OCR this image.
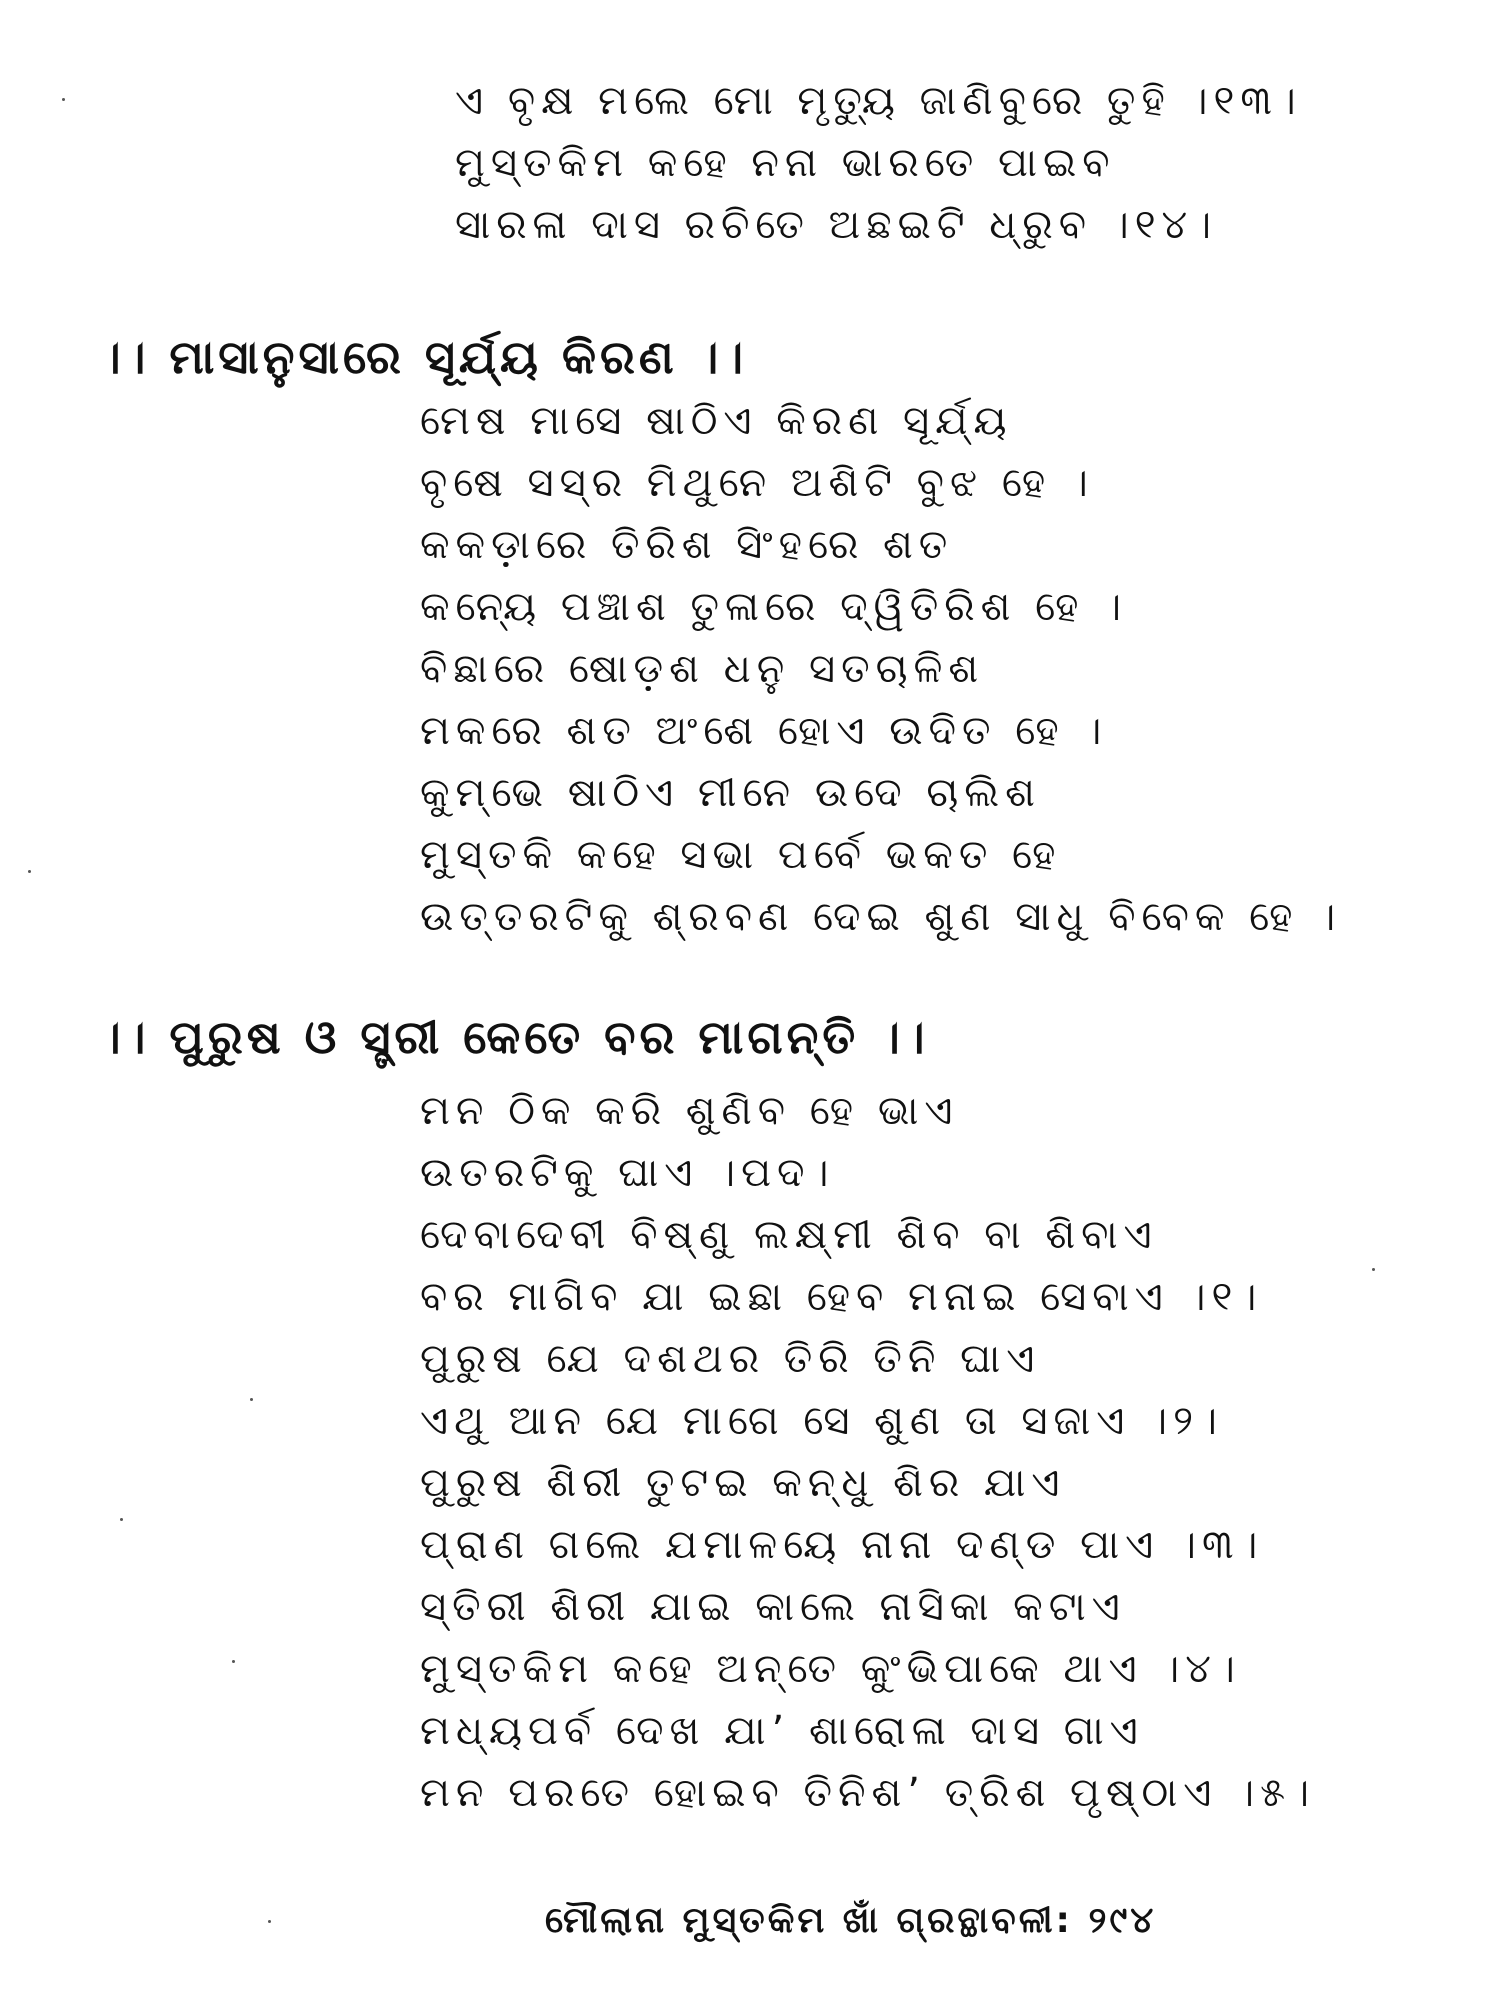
ଏ ବୃକ୍ଷ ମଲେ ମୋ ମୃତ୍ୟୁ ଜାଣିବୁରେ ତୁହି ।୧୩।
ମୁସ୍ତକିମ କହେ ନନା ଭାରତେ ପାଇବ
ସାରଳା ଦାସ ରଚିତେ ଅଛଇଟି ଧ୍ରୁବ ।୧୪।
।। ମାସାନୁସାରେ ସୂର୍ଯ୍ୟ କିରଣ ।।
ମେଷ ମାସେ ଷାଠିଏ କିରଣ ସୂର୍ଯ୍ୟ
ବୃଷେ ସସ୍ର ମିଥୁନେ ଅଶିଟି ବୁଝ ହେ ।
କକଡ଼ାରେ ତିରିଶ ସିଂହରେ ଶତ
କନ୍ୟେ ପଞ୍ଚାଶ ତୁଳାରେ ଦ୍ୱିତିରିଶ ହେ ।
ବିଛାରେ ଷୋଡ଼ଶ ଧନୁ ସତଚାଳିଶ
ମକରେ ଶତ ଅଂଶେ ହୋଏ ଉଦିତ ହେ ।
କୁମ୍ଭେ ଷାଠିଏ ମୀନେ ଉଦେ ଚାଲିଶ
ମୁସ୍ତକି କହେ ସଭା ପର୍ବେ ଭକତ ହେ
ଉତ୍ତରଟିକୁ ଶ୍ରବଣ ଦେଇ ଶୁଣ ସାଧୁ ବିବେକ ହେ ।
।। ପୁରୁଷ ଓ ସ୍ତ୍ରୀ କେତେ ବର ମାଗନ୍ତି ।।
ମନ ଠିକ କରି ଶୁଣିବ ହେ ଭାଏ
ଉତରଟିକୁ ଘାଏ ।ପଦ।
ଦେବାଦେବୀ ବିଷ୍ଣୁ ଲକ୍ଷ୍ମୀ ଶିବ ବା ଶିବାଏ
ବର ମାଗିବ ଯା ଇଛା ହେବ ମନାଇ ସେବାଏ ।୧।
ପୁରୁଷ ଯେ ଦଶଥର ତିରି ତିନି ଘାଏ
ଏଥୁ ଆନ ଯେ ମାଗେ ସେ ଶୁଣ ତା ସଜାଏ ।୨।
ପୁରୁଷ ଶିରୀ ତୁଟଇ କନ୍ଧୁ ଶିର ଯାଏ
ପ୍ରାଣ ଗଲେ ଯମାଳୟେ ନାନା ଦଣ୍ଡ ପାଏ ।୩।
ସ୍ତିରୀ ଶିରୀ ଯାଇ କାଲେ ନାସିକା କଟାଏ
ମୁସ୍ତକିମ କହେ ଅନ୍ତେ କୁଂଭିପାକେ ଥାଏ ।୪।
ମଧ୍ୟପର୍ବ ଦେଖ ଯା’ ଶାରୋଳା ଦାସ ଗାଏ
ମନ ପରତେ ହୋଇବ ତିନିଶ’ ତ୍ରିଶ ପୃଷ୍ଠାଏ ।୫।
ମୌଲାନା ମୁସ୍ତକିମ ଖାଁ ଗ୍ରନ୍ଥାବଳୀ: ୨୯୪
